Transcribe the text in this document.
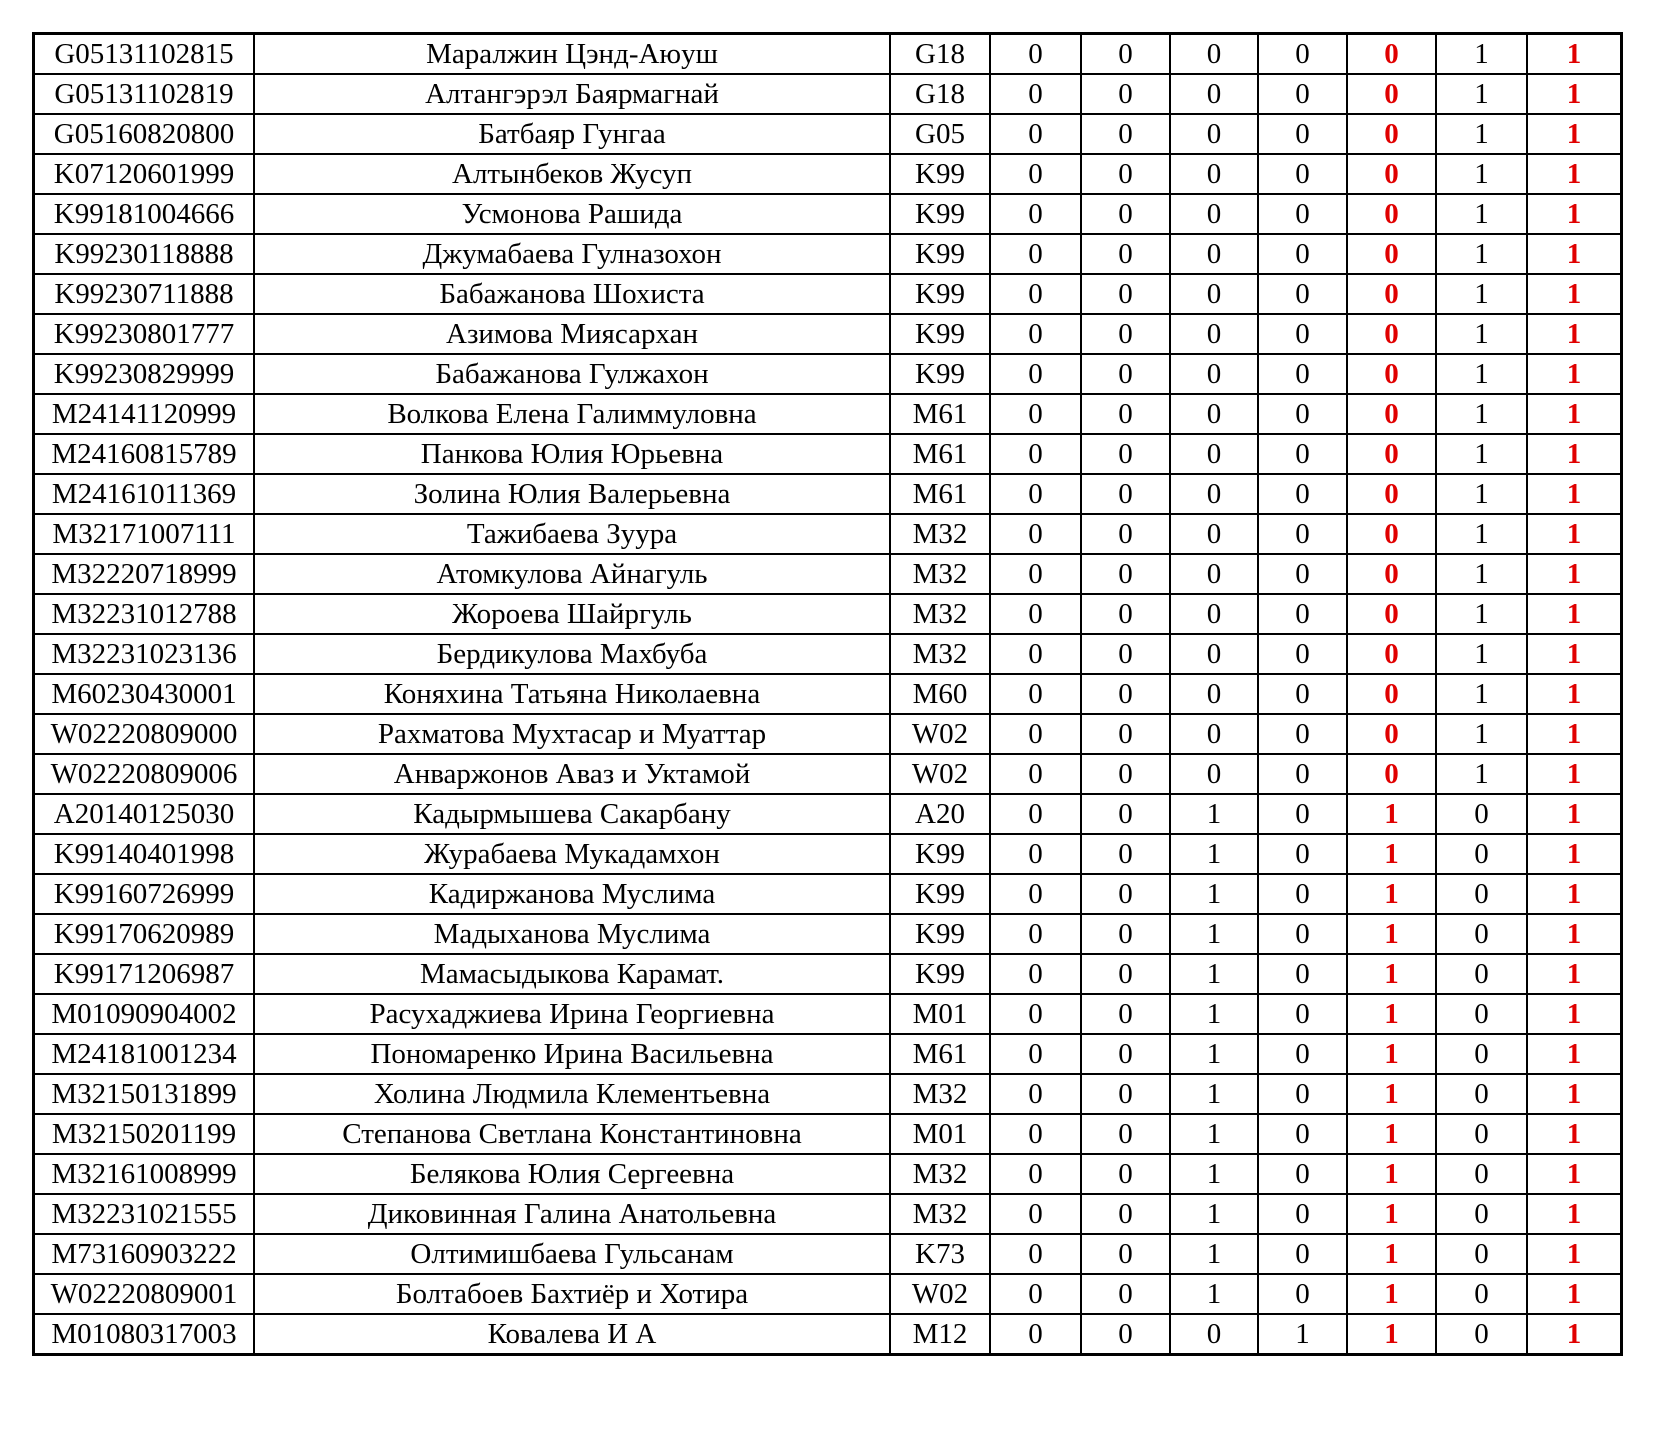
G05131102815	Маралжин Цэнд-Аюуш	G18	0	0	0	0	0	1	1
G05131102819	Алтангэрэл Баярмагнай	G18	0	0	0	0	0	1	1
G05160820800	Батбаяр Гунгаа	G05	0	0	0	0	0	1	1
K07120601999	Алтынбеков Жусуп	K99	0	0	0	0	0	1	1
K99181004666	Усмонова Рашида	K99	0	0	0	0	0	1	1
K99230118888	Джумабаева Гулназохон	K99	0	0	0	0	0	1	1
K99230711888	Бабажанова Шохиста	K99	0	0	0	0	0	1	1
K99230801777	Азимова Миясархан	K99	0	0	0	0	0	1	1
K99230829999	Бабажанова Гулжахон	K99	0	0	0	0	0	1	1
M24141120999	Волкова Елена Галиммуловна	M61	0	0	0	0	0	1	1
M24160815789	Панкова Юлия Юрьевна	M61	0	0	0	0	0	1	1
M24161011369	Золина Юлия Валерьевна	M61	0	0	0	0	0	1	1
M32171007111	Тажибаева Зуура	M32	0	0	0	0	0	1	1
M32220718999	Атомкулова Айнагуль	M32	0	0	0	0	0	1	1
M32231012788	Жороева Шайргуль	M32	0	0	0	0	0	1	1
M32231023136	Бердикулова Махбуба	M32	0	0	0	0	0	1	1
M60230430001	Коняхина Татьяна Николаевна	M60	0	0	0	0	0	1	1
W02220809000	Рахматова Мухтасар и Муаттар	W02	0	0	0	0	0	1	1
W02220809006	Анваржонов Аваз и Уктамой	W02	0	0	0	0	0	1	1
A20140125030	Кадырмышева Сакарбану	A20	0	0	1	0	1	0	1
K99140401998	Журабаева Мукадамхон	K99	0	0	1	0	1	0	1
K99160726999	Кадиржанова Муслима	K99	0	0	1	0	1	0	1
K99170620989	Мадыханова Муслима	K99	0	0	1	0	1	0	1
K99171206987	Мамасыдыкова Карамат.	K99	0	0	1	0	1	0	1
M01090904002	Расухаджиева Ирина Георгиевна	M01	0	0	1	0	1	0	1
M24181001234	Пономаренко Ирина Васильевна	M61	0	0	1	0	1	0	1
M32150131899	Холина Людмила Клементьевна	M32	0	0	1	0	1	0	1
M32150201199	Степанова Светлана Константиновна	M01	0	0	1	0	1	0	1
M32161008999	Белякова Юлия Сергеевна	M32	0	0	1	0	1	0	1
M32231021555	Диковинная Галина Анатольевна	M32	0	0	1	0	1	0	1
M73160903222	Олтимишбаева Гульсанам	K73	0	0	1	0	1	0	1
W02220809001	Болтабоев Бахтиёр и Хотира	W02	0	0	1	0	1	0	1
M01080317003	Ковалева И А	M12	0	0	0	1	1	0	1
